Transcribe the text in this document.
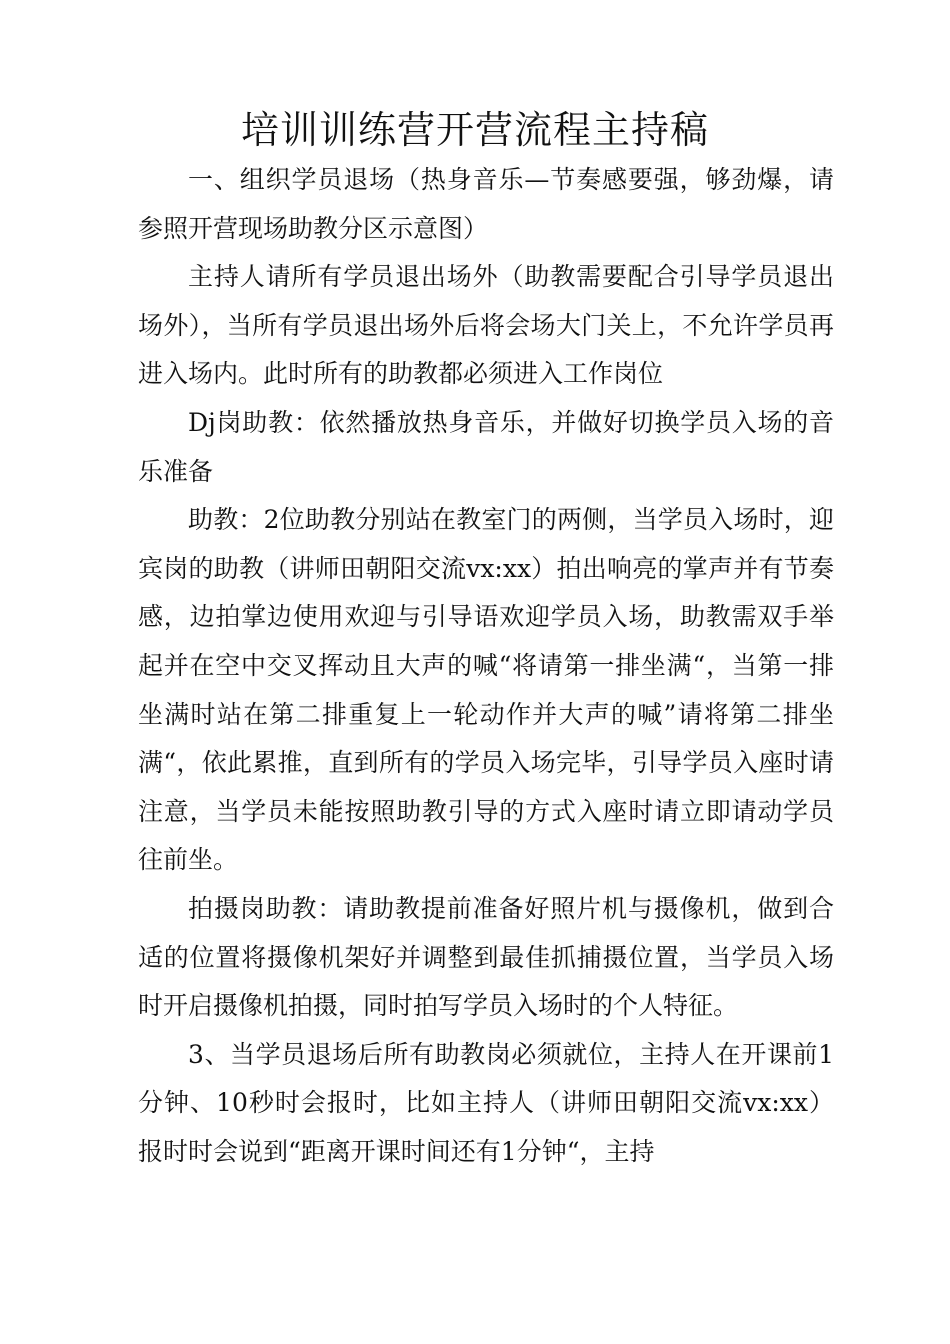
培训训练营开营流程主持稿

一、组织学员退场（热身音乐—节奏感要强，够劲爆，请参照开营现场助教分区示意图）

主持人请所有学员退出场外（助教需要配合引导学员退出场外），当所有学员退出场外后将会场大门关上，不允许学员再进入场内。此时所有的助教都必须进入工作岗位

Dj岗助教：依然播放热身音乐，并做好切换学员入场的音乐准备

助教：2位助教分别站在教室门的两侧，当学员入场时，迎宾岗的助教（讲师田朝阳交流vx:xx）拍出响亮的掌声并有节奏感，边拍掌边使用欢迎与引导语欢迎学员入场，助教需双手举起并在空中交叉挥动且大声的喊“将请第一排坐满“，当第一排坐满时站在第二排重复上一轮动作并大声的喊”请将第二排坐满“，依此累推，直到所有的学员入场完毕，引导学员入座时请注意，当学员未能按照助教引导的方式入座时请立即请动学员往前坐。

拍摄岗助教：请助教提前准备好照片机与摄像机，做到合适的位置将摄像机架好并调整到最佳抓捕摄位置，当学员入场时开启摄像机拍摄，同时拍写学员入场时的个人特征。

3、当学员退场后所有助教岗必须就位，主持人在开课前1分钟、10秒时会报时，比如主持人（讲师田朝阳交流vx:xx）报时时会说到“距离开课时间还有1分钟“，主持
